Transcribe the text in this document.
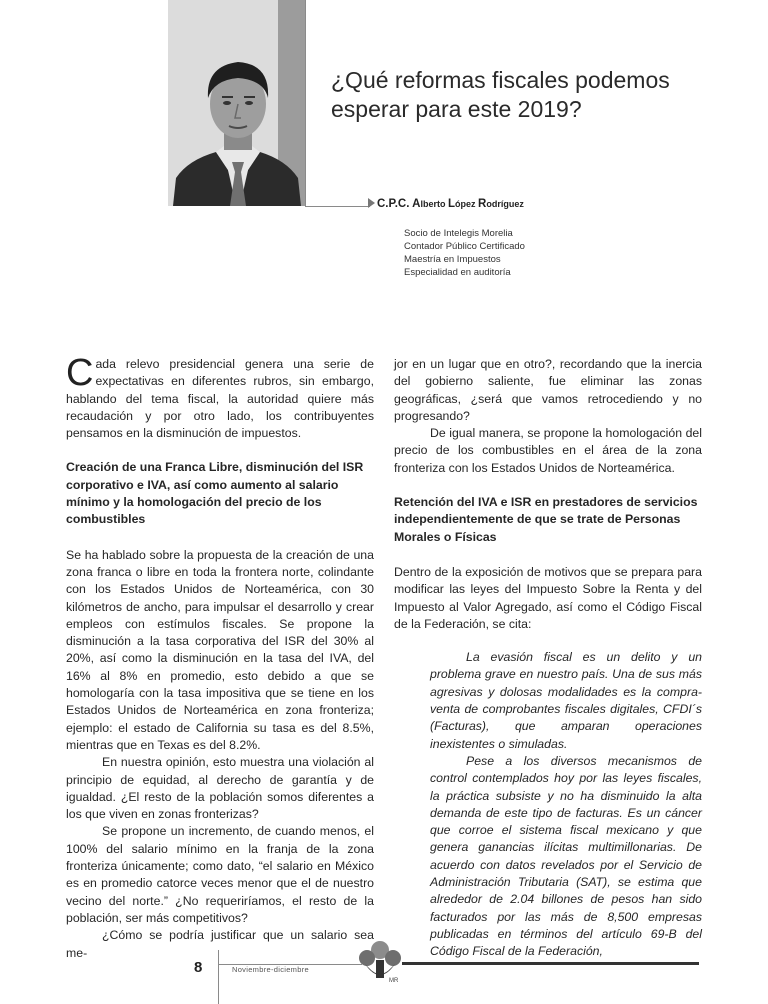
¿Qué reformas fiscales podemos esperar para este 2019?
C.P.C. Alberto López Rodríguez
Socio de Intelegis Morelia
Contador Público Certificado
Maestría en Impuestos
Especialidad en auditoría

Cada relevo presidencial genera una serie de expectativas en diferentes rubros, sin embargo, hablando del tema fiscal, la autoridad quiere más recaudación y por otro lado, los contribuyentes pensamos en la disminución de impuestos.

Creación de una Franca Libre, disminución del ISR corporativo e IVA, así como aumento al salario mínimo y la homologación del precio de los combustibles

Se ha hablado sobre la propuesta de la creación de una zona franca o libre en toda la frontera norte, colindante con los Estados Unidos de Norteamérica, con 30 kilómetros de ancho, para impulsar el desarrollo y crear empleos con estímulos fiscales. Se propone la disminución a la tasa corporativa del ISR del 30% al 20%, así como la disminución en la tasa del IVA, del 16% al 8% en promedio, esto debido a que se homologaría con la tasa impositiva que se tiene en los Estados Unidos de Norteamérica en zona fronteriza; ejemplo: el estado de California su tasa es del 8.5%, mientras que en Texas es del 8.2%.

En nuestra opinión, esto muestra una violación al principio de equidad, al derecho de garantía y de igualdad. ¿El resto de la población somos diferentes a los que viven en zonas fronterizas?

Se propone un incremento, de cuando menos, el 100% del salario mínimo en la franja de la zona fronteriza únicamente; como dato, “el salario en México es en promedio catorce veces menor que el de nuestro vecino del norte.” ¿No requeriríamos, el resto de la población, ser más competitivos?

¿Cómo se podría justificar que un salario sea me-

jor en un lugar que en otro?, recordando que la inercia del gobierno saliente, fue eliminar las zonas geográficas, ¿será que vamos retrocediendo y no progresando?

De igual manera, se propone la homologación del precio de los combustibles en el área de la zona fronteriza con los Estados Unidos de Norteamérica.

Retención del IVA e ISR en prestadores de servicios independientemente de que se trate de Personas Morales o Físicas

Dentro de la exposición de motivos que se prepara para modificar las leyes del Impuesto Sobre la Renta y del Impuesto al Valor Agregado, así como el Código Fiscal de la Federación, se cita:

La evasión fiscal es un delito y un problema grave en nuestro país. Una de sus más agresivas y dolosas modalidades es la compra-venta de comprobantes fiscales digitales, CFDI´s (Facturas), que amparan operaciones inexistentes o simuladas.

Pese a los diversos mecanismos de control contemplados hoy por las leyes fiscales, la práctica subsiste y no ha disminuido la alta demanda de este tipo de facturas. Es un cáncer que corroe el sistema fiscal mexicano y que genera ganancias ilícitas multimillonarias. De acuerdo con datos revelados por el Servicio de Administración Tributaria (SAT), se estima que alrededor de 2.04 billones de pesos han sido facturados por las más de 8,500 empresas publicadas en términos del artículo 69-B del Código Fiscal de la Federación,

8	Noviembre-diciembre
MR
